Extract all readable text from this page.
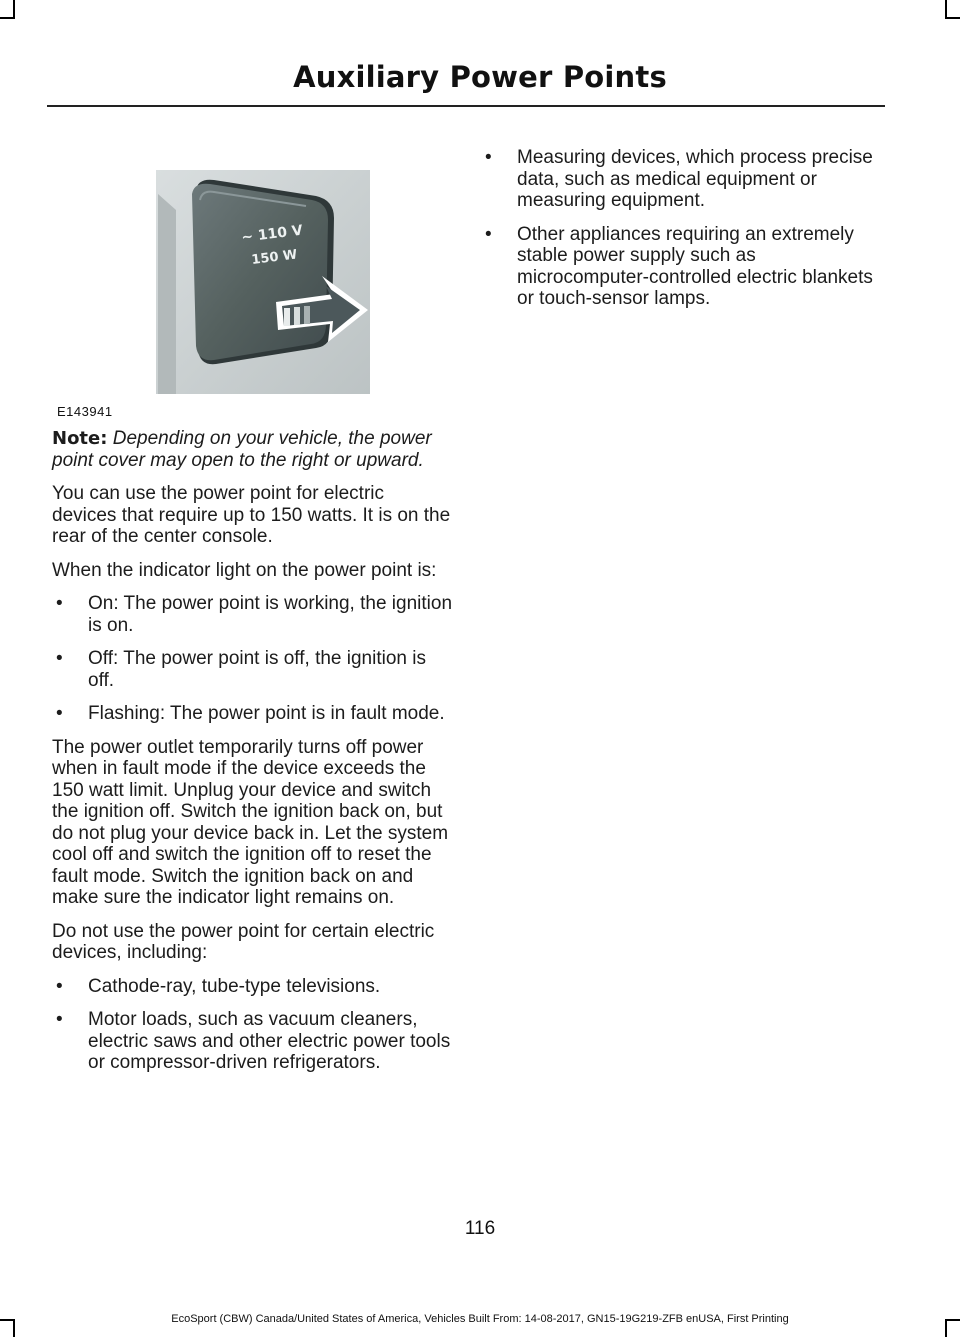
Auxiliary Power Points
~ 110 V
150 W
E143941

Note: Depending on your vehicle, the power point cover may open to the right or upward.

You can use the power point for electric devices that require up to 150 watts. It is on the rear of the center console.

When the indicator light on the power point is:

• On: The power point is working, the ignition is on.
• Off: The power point is off, the ignition is off.
• Flashing: The power point is in fault mode.

The power outlet temporarily turns off power when in fault mode if the device exceeds the 150 watt limit. Unplug your device and switch the ignition off. Switch the ignition back on, but do not plug your device back in. Let the system cool off and switch the ignition off to reset the fault mode. Switch the ignition back on and make sure the indicator light remains on.

Do not use the power point for certain electric devices, including:

• Cathode-ray, tube-type televisions.
• Motor loads, such as vacuum cleaners, electric saws and other electric power tools or compressor-driven refrigerators.
• Measuring devices, which process precise data, such as medical equipment or measuring equipment.
• Other appliances requiring an extremely stable power supply such as microcomputer-controlled electric blankets or touch-sensor lamps.
116
EcoSport (CBW) Canada/United States of America, Vehicles Built From: 14-08-2017, GN15-19G219-ZFB enUSA, First Printing
